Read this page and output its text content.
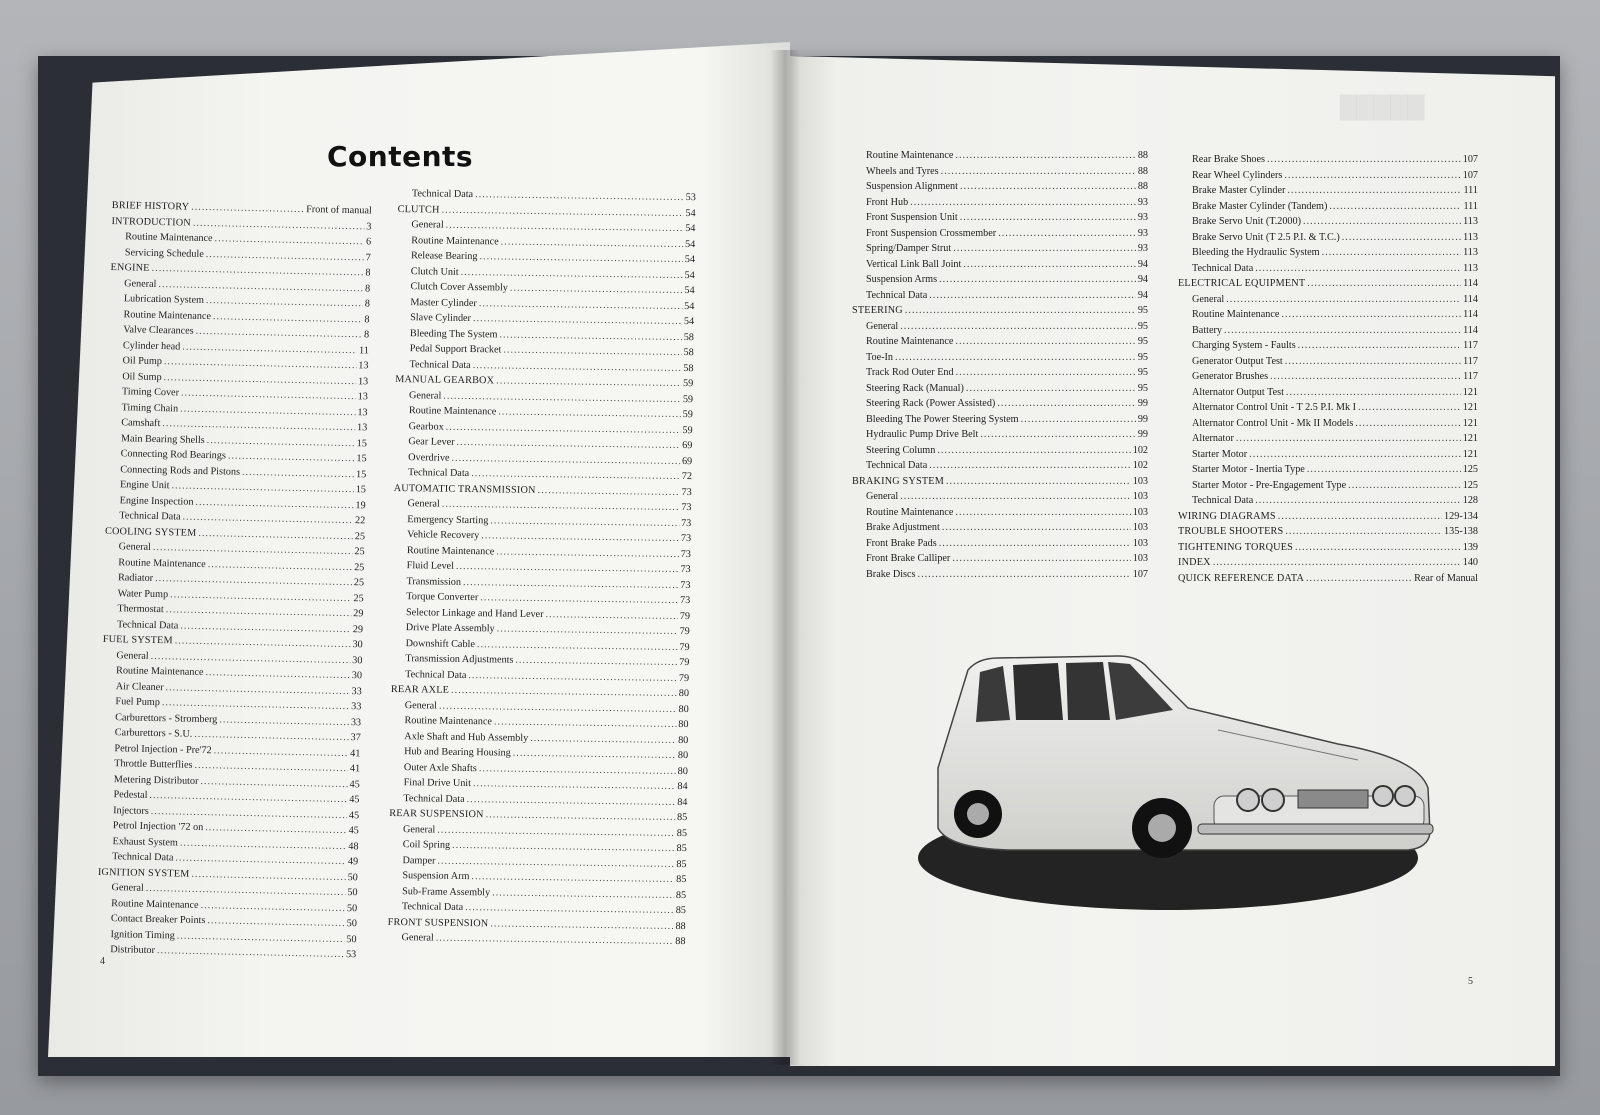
█████
Contents
BRIEF HISTORY .....	Front of manual
INTRODUCTION .....	3
Routine Maintenance .....	6
Servicing Schedule .....	7
ENGINE .....	8
General .....	8
Lubrication System .....	8
Routine Maintenance .....	8
Valve Clearances .....	8
Cylinder head .....	11
Oil Pump .....	13
Oil Sump .....	13
Timing Cover .....	13
Timing Chain .....	13
Camshaft .....	13
Main Bearing Shells .....	15
Connecting Rod Bearings .....	15
Connecting Rods and Pistons .....	15
Engine Unit .....	15
Engine Inspection .....	19
Technical Data .....	22
COOLING SYSTEM .....	25
General .....	25
Routine Maintenance .....	25
Radiator .....	25
Water Pump .....	25
Thermostat .....	29
Technical Data .....	29
FUEL SYSTEM .....	30
General .....	30
Routine Maintenance .....	30
Air Cleaner .....	33
Fuel Pump .....	33
Carburettors - Stromberg .....	33
Carburettors - S.U. .....	37
Petrol Injection - Pre'72 .....	41
Throttle Butterflies .....	41
Metering Distributor .....	45
Pedestal .....	45
Injectors .....	45
Petrol Injection '72 on .....	45
Exhaust System .....	48
Technical Data .....	49
IGNITION SYSTEM .....	50
General .....	50
Routine Maintenance .....	50
Contact Breaker Points .....	50
Ignition Timing .....	50
Distributor .....	53
Technical Data .....	53
CLUTCH .....	54
General .....	54
Routine Maintenance .....	54
Release Bearing .....	54
Clutch Unit .....	54
Clutch Cover Assembly .....	54
Master Cylinder .....	54
Slave Cylinder .....	54
Bleeding The System .....	58
Pedal Support Bracket .....	58
Technical Data .....	58
MANUAL GEARBOX .....	59
General .....	59
Routine Maintenance .....	59
Gearbox .....	59
Gear Lever .....	69
Overdrive .....	69
Technical Data .....	72
AUTOMATIC TRANSMISSION .....	73
General .....	73
Emergency Starting .....	73
Vehicle Recovery .....	73
Routine Maintenance .....	73
Fluid Level .....	73
Transmission .....	73
Torque Converter .....	73
Selector Linkage and Hand Lever .....	79
Drive Plate Assembly .....	79
Downshift Cable .....	79
Transmission Adjustments .....	79
Technical Data .....	79
REAR AXLE .....	80
General .....	80
Routine Maintenance .....	80
Axle Shaft and Hub Assembly .....	80
Hub and Bearing Housing .....	80
Outer Axle Shafts .....	80
Final Drive Unit .....	84
Technical Data .....	84
REAR SUSPENSION .....	85
General .....	85
Coil Spring .....	85
Damper .....	85
Suspension Arm .....	85
Sub-Frame Assembly .....	85
Technical Data .....	85
FRONT SUSPENSION .....	88
General .....	88
Routine Maintenance .....	88
Wheels and Tyres .....	88
Suspension Alignment .....	88
Front Hub .....	93
Front Suspension Unit .....	93
Front Suspension Crossmember .....	93
Spring/Damper Strut .....	93
Vertical Link Ball Joint .....	94
Suspension Arms .....	94
Technical Data .....	94
STEERING .....	95
General .....	95
Routine Maintenance .....	95
Toe-In .....	95
Track Rod Outer End .....	95
Steering Rack (Manual) .....	95
Steering Rack (Power Assisted) .....	99
Bleeding The Power Steering System .....	99
Hydraulic Pump Drive Belt .....	99
Steering Column .....	102
Technical Data .....	102
BRAKING SYSTEM .....	103
General .....	103
Routine Maintenance .....	103
Brake Adjustment .....	103
Front Brake Pads .....	103
Front Brake Calliper .....	103
Brake Discs .....	107
Rear Brake Shoes .....	107
Rear Wheel Cylinders .....	107
Brake Master Cylinder .....	111
Brake Master Cylinder (Tandem) .....	111
Brake Servo Unit (T.2000) .....	113
Brake Servo Unit (T 2.5 P.I. & T.C.) .....	113
Bleeding the Hydraulic System .....	113
Technical Data .....	113
ELECTRICAL EQUIPMENT .....	114
General .....	114
Routine Maintenance .....	114
Battery .....	114
Charging System - Faults .....	117
Generator Output Test .....	117
Generator Brushes .....	117
Alternator Output Test .....	121
Alternator Control Unit - T 2.5 P.I. Mk I .....	121
Alternator Control Unit - Mk II Models .....	121
Alternator .....	121
Starter Motor .....	121
Starter Motor - Inertia Type .....	125
Starter Motor - Pre-Engagement Type .....	125
Technical Data .....	128
WIRING DIAGRAMS .....	129-134
TROUBLE SHOOTERS .....	135-138
TIGHTENING TORQUES .....	139
INDEX .....	140
QUICK REFERENCE DATA .....	Rear of Manual
4
5
